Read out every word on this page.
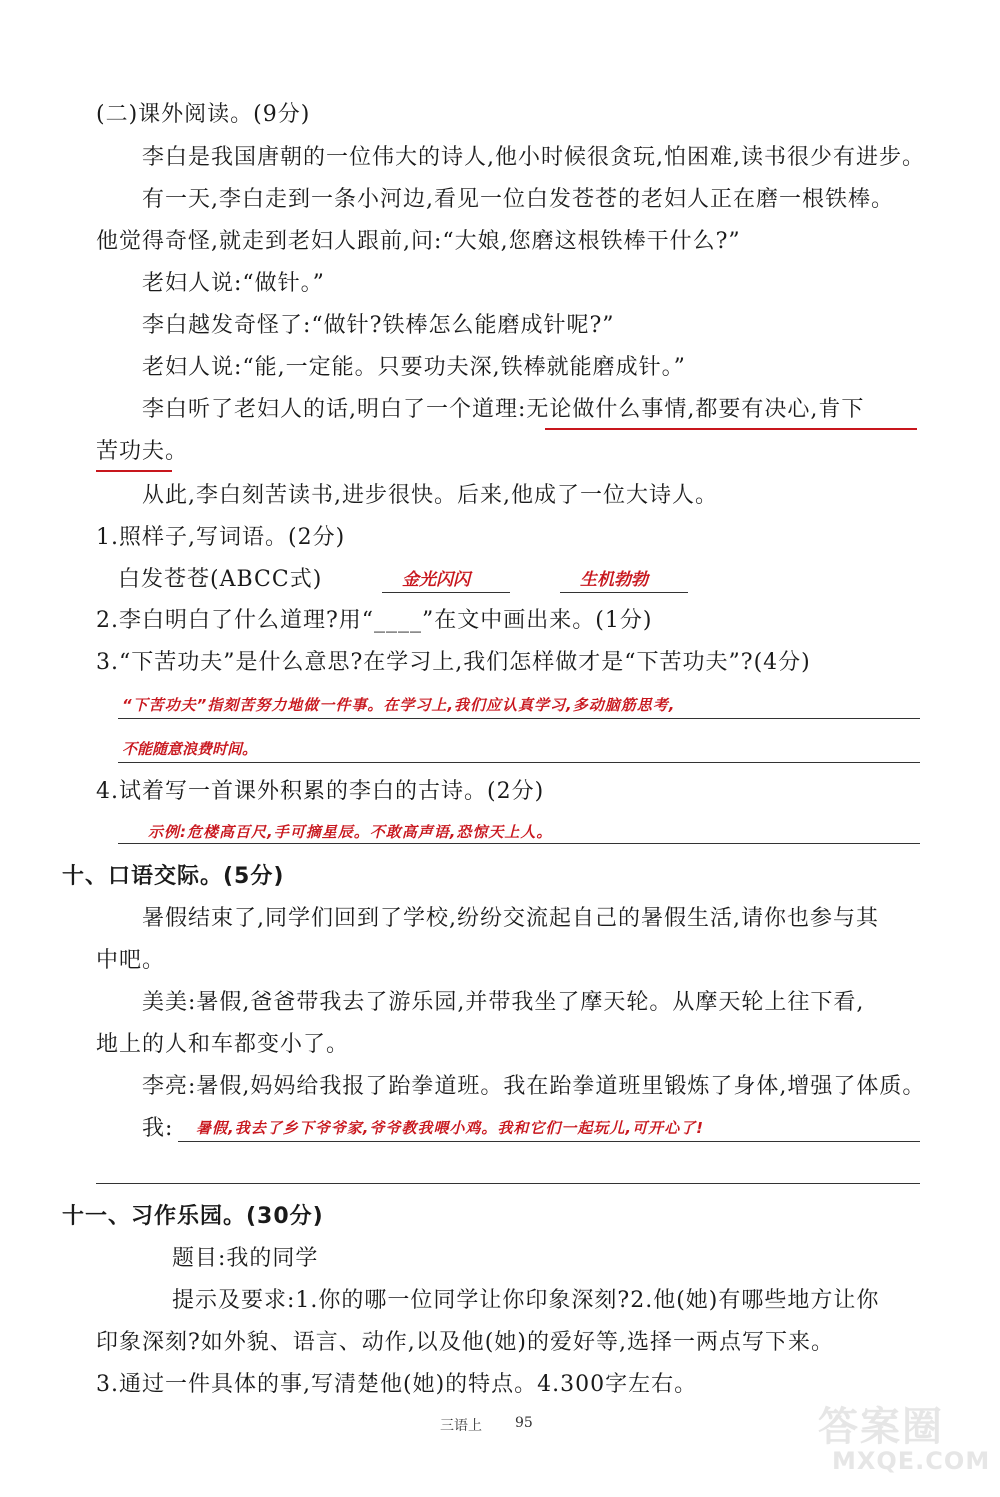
(二)课外阅读。(9分)
李白是我国唐朝的一位伟大的诗人,他小时候很贪玩,怕困难,读书很少有进步。
有一天,李白走到一条小河边,看见一位白发苍苍的老妇人正在磨一根铁棒。
他觉得奇怪,就走到老妇人跟前,问:“大娘,您磨这根铁棒干什么?”
老妇人说:“做针。”
李白越发奇怪了:“做针?铁棒怎么能磨成针呢?”
老妇人说:“能,一定能。只要功夫深,铁棒就能磨成针。”
李白听了老妇人的话,明白了一个道理:无论做什么事情,都要有决心,肯下
苦功夫。
从此,李白刻苦读书,进步很快。后来,他成了一位大诗人。
1.照样子,写词语。(2分)
白发苍苍(ABCC式)	金光闪闪	生机勃勃
2.李白明白了什么道理?用“____”在文中画出来。(1分)
3.“下苦功夫”是什么意思?在学习上,我们怎样做才是“下苦功夫”?(4分)
“下苦功夫”指刻苦努力地做一件事。在学习上,我们应认真学习,多动脑筋思考,
不能随意浪费时间。
4.试着写一首课外积累的李白的古诗。(2分)
示例:危楼高百尺,手可摘星辰。不敢高声语,恐惊天上人。
十、口语交际。(5分)
暑假结束了,同学们回到了学校,纷纷交流起自己的暑假生活,请你也参与其
中吧。
美美:暑假,爸爸带我去了游乐园,并带我坐了摩天轮。从摩天轮上往下看,
地上的人和车都变小了。
李亮:暑假,妈妈给我报了跆拳道班。我在跆拳道班里锻炼了身体,增强了体质。
我: 暑假,我去了乡下爷爷家,爷爷教我喂小鸡。我和它们一起玩儿,可开心了!
十一、习作乐园。(30分)
题目:我的同学
提示及要求:1.你的哪一位同学让你印象深刻?2.他(她)有哪些地方让你
印象深刻?如外貌、语言、动作,以及他(她)的爱好等,选择一两点写下来。
3.通过一件具体的事,写清楚他(她)的特点。4.300字左右。
三语上 95	答案圈
MXQE.COM
